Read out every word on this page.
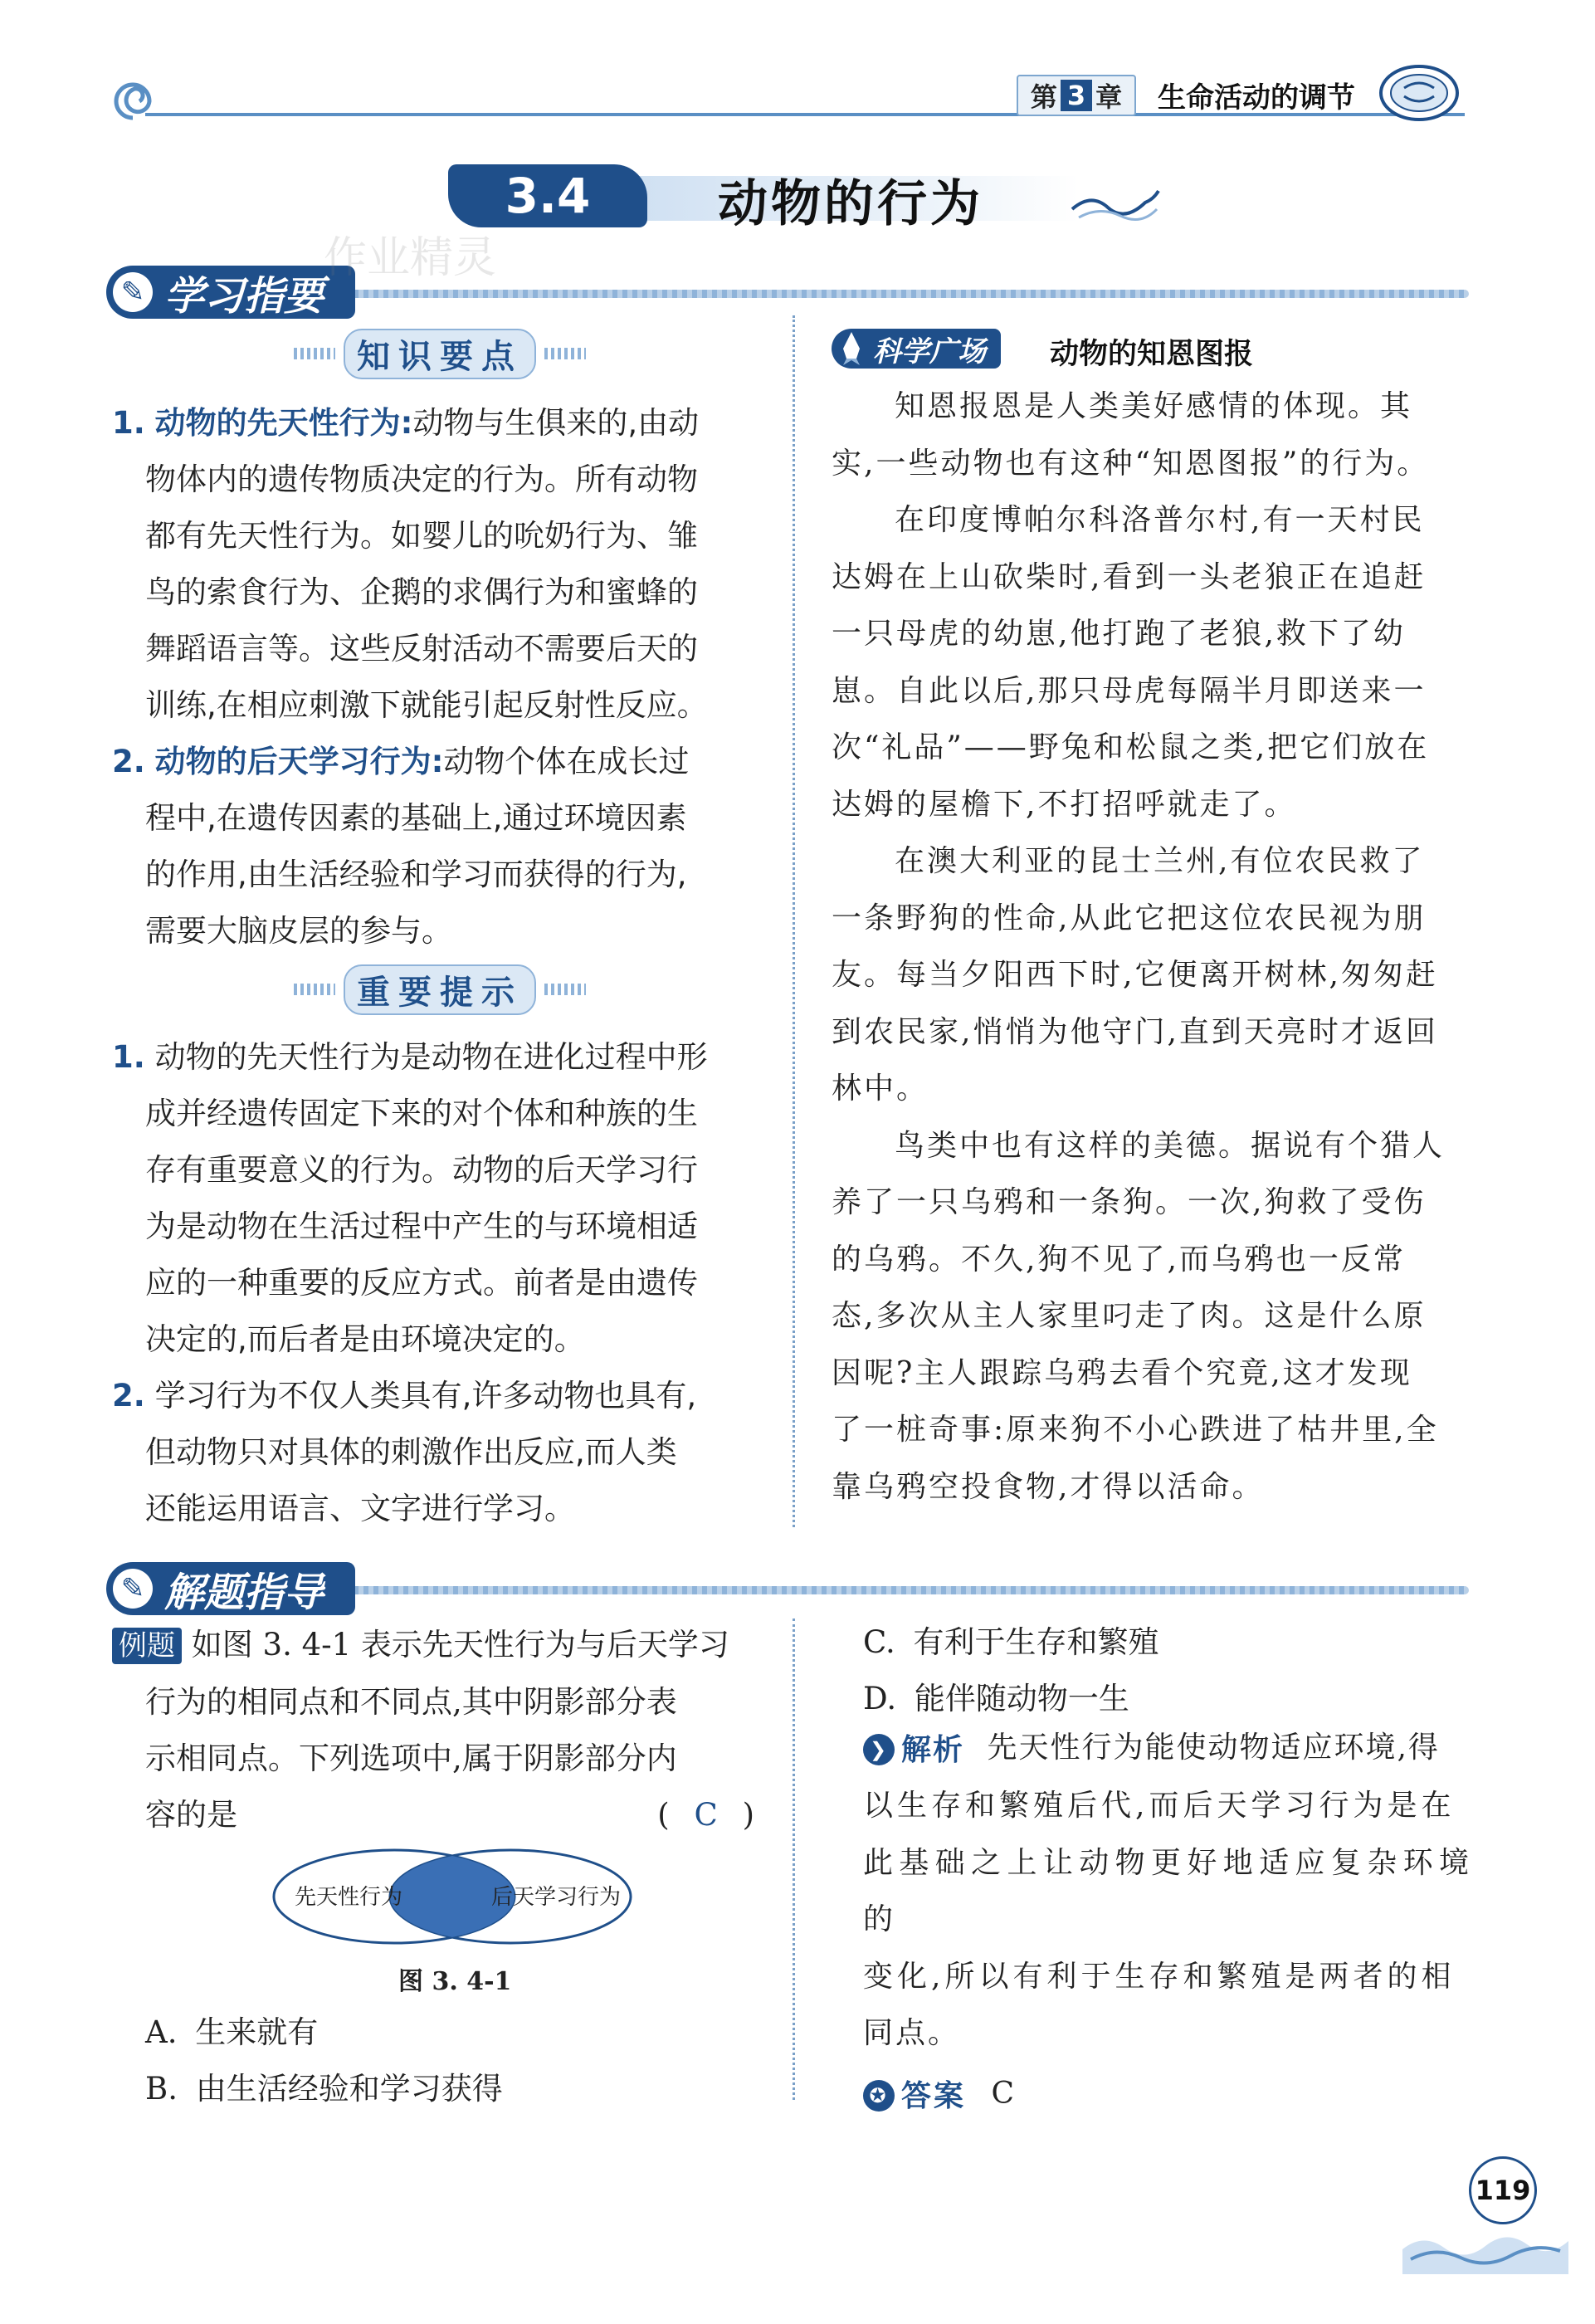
第 3 章 生命活动的调节
3.4	动物的行为
学习指要
✎
作业精灵
知识要点

1. 动物的先天性行为:动物与生俱来的,由动

物体内的遗传物质决定的行为。所有动物

都有先天性行为。如婴儿的吮奶行为、雏

鸟的索食行为、企鹅的求偶行为和蜜蜂的

舞蹈语言等。这些反射活动不需要后天的

训练,在相应刺激下就能引起反射性反应。

2. 动物的后天学习行为:动物个体在成长过

程中,在遗传因素的基础上,通过环境因素

的作用,由生活经验和学习而获得的行为,

需要大脑皮层的参与。

重要提示

1. 动物的先天性行为是动物在进化过程中形

成并经遗传固定下来的对个体和种族的生

存有重要意义的行为。动物的后天学习行

为是动物在生活过程中产生的与环境相适

应的一种重要的反应方式。前者是由遗传

决定的,而后者是由环境决定的。

2. 学习行为不仅人类具有,许多动物也具有,

但动物只对具体的刺激作出反应,而人类

还能运用语言、文字进行学习。

科学广场 动物的知恩图报

知恩报恩是人类美好感情的体现。其

实,一些动物也有这种“知恩图报”的行为。

在印度博帕尔科洛普尔村,有一天村民

达姆在上山砍柴时,看到一头老狼正在追赶

一只母虎的幼崽,他打跑了老狼,救下了幼

崽。自此以后,那只母虎每隔半月即送来一

次“礼品”——野兔和松鼠之类,把它们放在

达姆的屋檐下,不打招呼就走了。

在澳大利亚的昆士兰州,有位农民救了

一条野狗的性命,从此它把这位农民视为朋

友。每当夕阳西下时,它便离开树林,匆匆赶

到农民家,悄悄为他守门,直到天亮时才返回

林中。

鸟类中也有这样的美德。据说有个猎人

养了一只乌鸦和一条狗。一次,狗救了受伤

的乌鸦。不久,狗不见了,而乌鸦也一反常

态,多次从主人家里叼走了肉。这是什么原

因呢?主人跟踪乌鸦去看个究竟,这才发现

了一桩奇事:原来狗不小心跌进了枯井里,全

靠乌鸦空投食物,才得以活命。

解题指导
✎

例题 如图 3. 4-1 表示先天性行为与后天学习

行为的相同点和不同点,其中阴影部分表

示相同点。下列选项中,属于阴影部分内

容的是	( C )

先天性行为	后天学习行为
图 3. 4-1
A. 生来就有
B. 由生活经验和学习获得
C. 有利于生存和繁殖
D. 能伴随动物一生

❯ 解析 先天性行为能使动物适应环境,得

以生存和繁殖后代,而后天学习行为是在

此基础之上让动物更好地适应复杂环境的

变化,所以有利于生存和繁殖是两者的相

同点。

✪ 答案 C

119
